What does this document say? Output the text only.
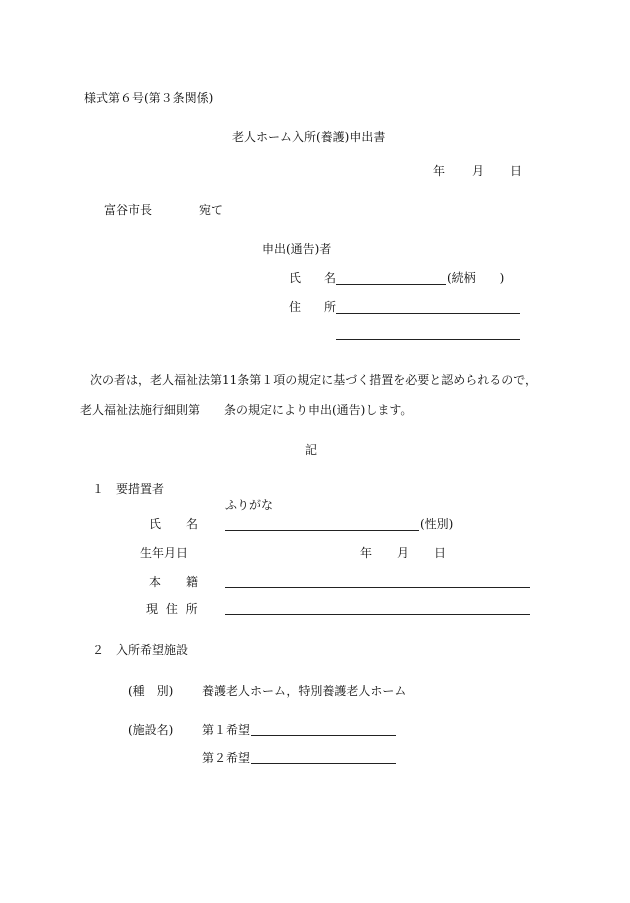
様式第６号(第３条関係)
老人ホーム入所(養護)申出書
年 月 日
富谷市長	宛て
申出(通告)者
氏 名	(続柄　　)
住 所
次の者は，老人福祉法第11条第１項の規定に基づく措置を必要と認められるので，
老人福祉法施行細則第　　条の規定により申出(通告)します。
記
１　要措置者
ふりがな
氏 名	(性別)
生年月日	年 月 日
本 籍
現 住 所
２　入所希望施設
(種　別) 養護老人ホーム，特別養護老人ホーム
(施設名) 第１希望
第２希望
